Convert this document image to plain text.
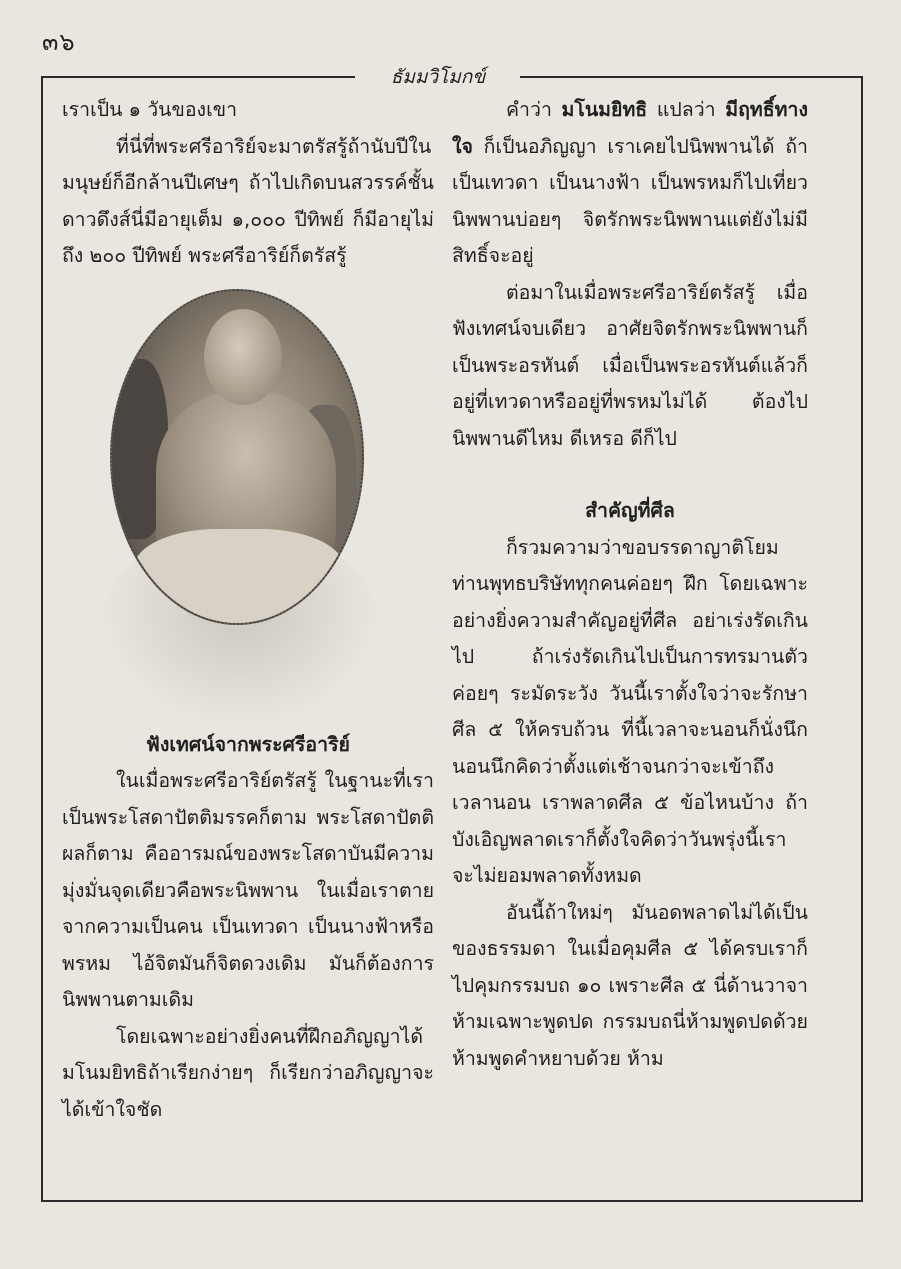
๓๖
ธัมมวิโมกข์

เราเป็น ๑ วันของเขา

ที่นี่ที่พระศรีอาริย์จะมาตรัสรู้ถ้านับปีในมนุษย์ก็อีกล้านปีเศษๆ ถ้าไปเกิดบนสวรรค์ชั้นดาวดึงส์นี่มีอายุเต็ม ๑,๐๐๐ ปีทิพย์ ก็มีอายุไม่ถึง ๒๐๐ ปีทิพย์ พระศรีอาริย์ก็ตรัสรู้

ฟังเทศน์จากพระศรีอาริย์

ในเมื่อพระศรีอาริย์ตรัสรู้ ในฐานะที่เราเป็นพระโสดาปัตติมรรคก็ตาม พระโสดาปัตติผลก็ตาม คืออารมณ์ของพระโสดาบันมีความมุ่งมั่นจุดเดียวคือพระนิพพาน ในเมื่อเราตายจากความเป็นคน เป็นเทวดา เป็นนางฟ้าหรือพรหม ไอ้จิตมันก็จิตดวงเดิม มันก็ต้องการนิพพานตามเดิม

โดยเฉพาะอย่างยิ่งคนที่ฝึกอภิญญาได้ มโนมยิทธิถ้าเรียกง่ายๆ ก็เรียกว่าอภิญญาจะได้เข้าใจชัด

คำว่า มโนมยิทธิ แปลว่า มีฤทธิ์ทางใจ ก็เป็นอภิญญา เราเคยไปนิพพานได้ ถ้าเป็นเทวดา เป็นนางฟ้า เป็นพรหมก็ไปเที่ยวนิพพานบ่อยๆ จิตรักพระนิพพานแต่ยังไม่มีสิทธิ์จะอยู่

ต่อมาในเมื่อพระศรีอาริย์ตรัสรู้ เมื่อฟังเทศน์จบเดียว อาศัยจิตรักพระนิพพานก็เป็นพระอรหันต์ เมื่อเป็นพระอรหันต์แล้วก็อยู่ที่เทวดาหรืออยู่ที่พรหมไม่ได้ ต้องไปนิพพานดีไหม ดีเหรอ ดีก็ไป

สำคัญที่ศีล

ก็รวมความว่าขอบรรดาญาติโยมท่านพุทธบริษัททุกคนค่อยๆ ฝึก โดยเฉพาะอย่างยิ่งความสำคัญอยู่ที่ศีล อย่าเร่งรัดเกินไป ถ้าเร่งรัดเกินไปเป็นการทรมานตัว ค่อยๆ ระมัดระวัง วันนี้เราตั้งใจว่าจะรักษาศีล ๕ ให้ครบถ้วน ที่นี้เวลาจะนอนก็นั่งนึกนอนนึกคิดว่าตั้งแต่เช้าจนกว่าจะเข้าถึงเวลานอน เราพลาดศีล ๕ ข้อไหนบ้าง ถ้าบังเอิญพลาดเราก็ตั้งใจคิดว่าวันพรุ่งนี้เราจะไม่ยอมพลาดทั้งหมด

อันนี้ถ้าใหม่ๆ มันอดพลาดไม่ได้เป็นของธรรมดา ในเมื่อคุมศีล ๕ ได้ครบเราก็ไปคุมกรรมบถ ๑๐ เพราะศีล ๕ นี่ด้านวาจาห้ามเฉพาะพูดปด กรรมบถนี่ห้ามพูดปดด้วย ห้ามพูดคำหยาบด้วย ห้าม
